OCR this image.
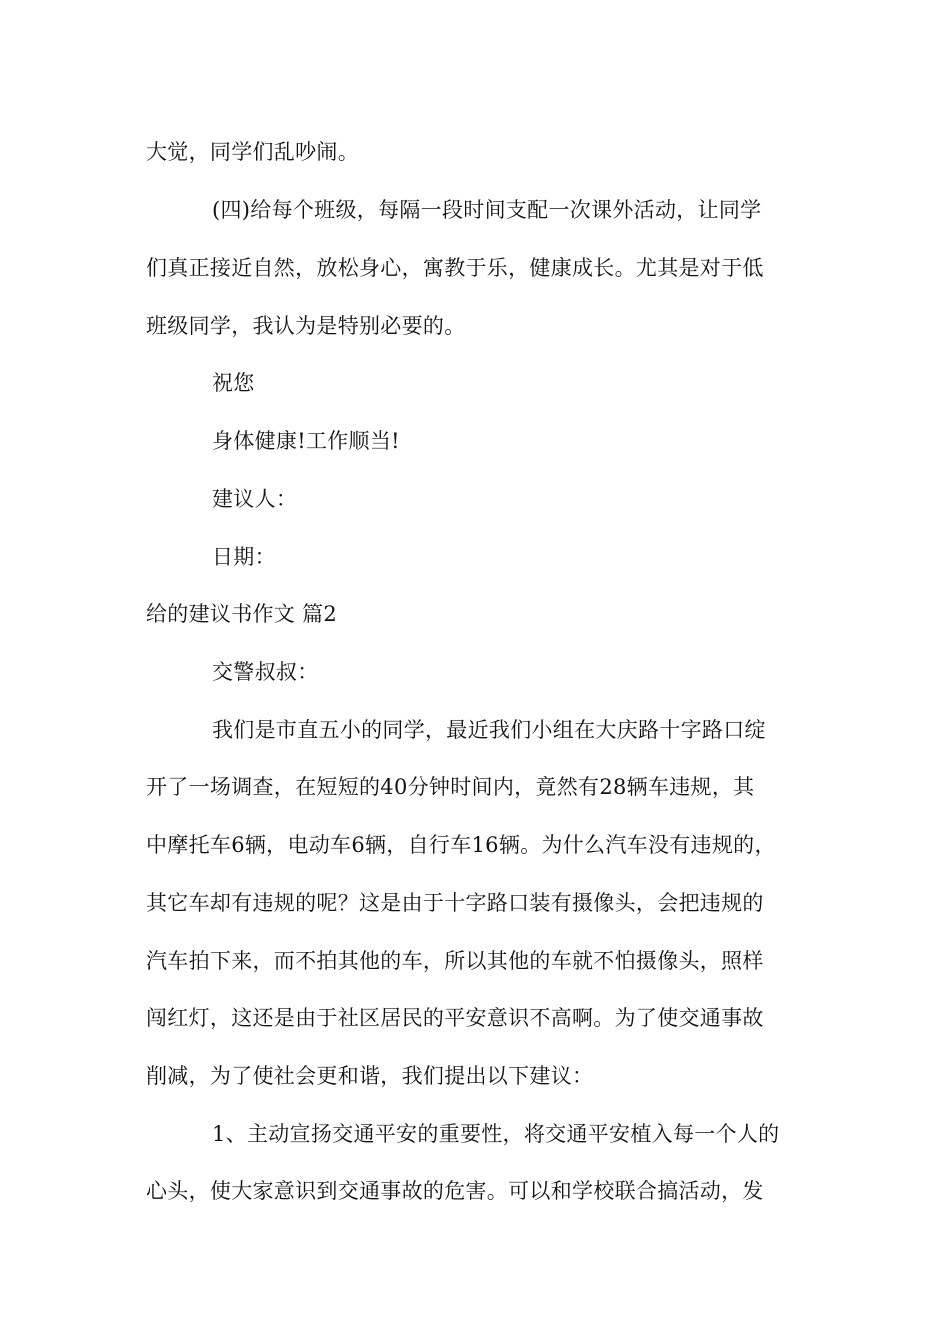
大觉，同学们乱吵闹。
(四)给每个班级，每隔一段时间支配一次课外活动，让同学
们真正接近自然，放松身心，寓教于乐，健康成长。尤其是对于低
班级同学，我认为是特别必要的。
祝您
身体健康!工作顺当!
建议人：
日期：
给的建议书作文 篇2
交警叔叔：
我们是市直五小的同学，最近我们小组在大庆路十字路口绽
开了一场调查，在短短的40分钟时间内，竟然有28辆车违规，其
中摩托车6辆，电动车6辆，自行车16辆。为什么汽车没有违规的，
其它车却有违规的呢？这是由于十字路口装有摄像头，会把违规的
汽车拍下来，而不拍其他的车，所以其他的车就不怕摄像头，照样
闯红灯，这还是由于社区居民的平安意识不高啊。为了使交通事故
削减，为了使社会更和谐，我们提出以下建议：
1、主动宣扬交通平安的重要性，将交通平安植入每一个人的
心头，使大家意识到交通事故的危害。可以和学校联合搞活动，发
